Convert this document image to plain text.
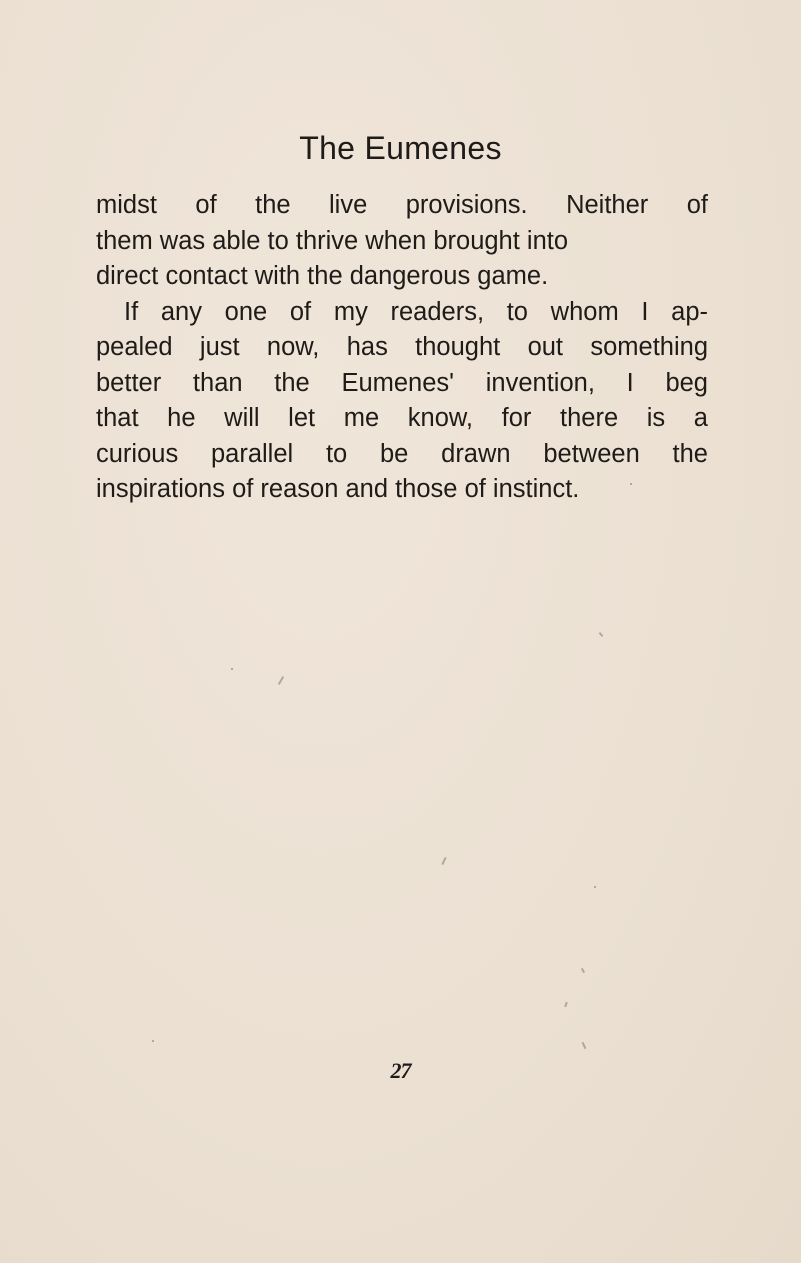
The Eumenes
midst of the live provisions. Neither of
them was able to thrive when brought into
direct contact with the dangerous game.
If any one of my readers, to whom I ap-
pealed just now, has thought out something
better than the Eumenes' invention, I beg
that he will let me know, for there is a
curious parallel to be drawn between the
inspirations of reason and those of instinct.
27
